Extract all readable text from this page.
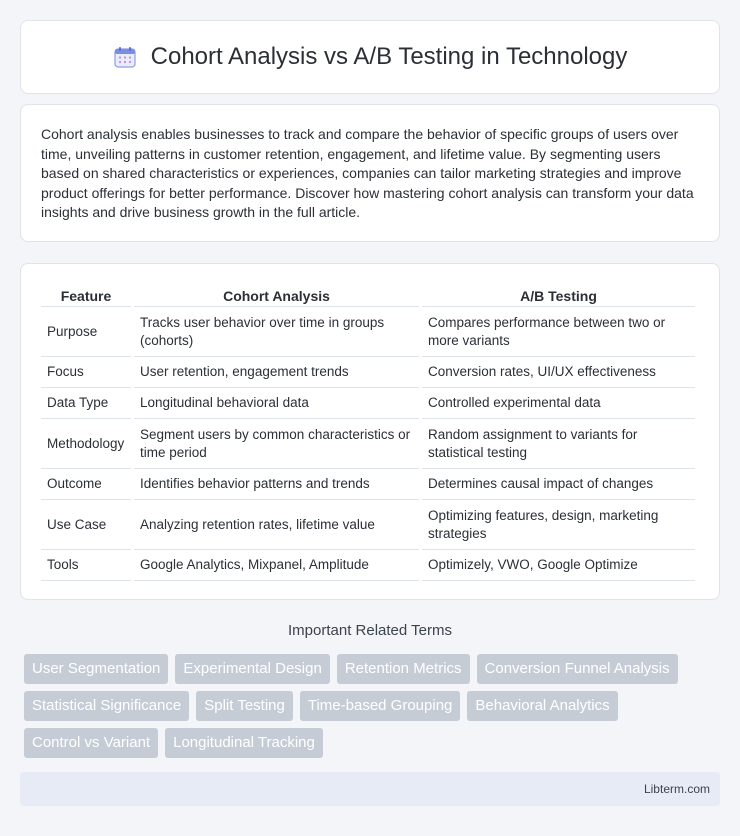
Cohort Analysis vs A/B Testing in Technology

Cohort analysis enables businesses to track and compare the behavior of specific groups of users over time, unveiling patterns in customer retention, engagement, and lifetime value. By segmenting users based on shared characteristics or experiences, companies can tailor marketing strategies and improve product offerings for better performance. Discover how mastering cohort analysis can transform your data insights and drive business growth in the full article.

Feature	Cohort Analysis	A/B Testing
Purpose	Tracks user behavior over time in groups (cohorts)	Compares performance between two or more variants
Focus	User retention, engagement trends	Conversion rates, UI/UX effectiveness
Data Type	Longitudinal behavioral data	Controlled experimental data
Methodology	Segment users by common characteristics or time period	Random assignment to variants for statistical testing
Outcome	Identifies behavior patterns and trends	Determines causal impact of changes
Use Case	Analyzing retention rates, lifetime value	Optimizing features, design, marketing strategies
Tools	Google Analytics, Mixpanel, Amplitude	Optimizely, VWO, Google Optimize
Important Related Terms
User Segmentation	Experimental Design	Retention Metrics	Conversion Funnel Analysis
Statistical Significance	Split Testing	Time-based Grouping	Behavioral Analytics
Control vs Variant	Longitudinal Tracking
Libterm.com
